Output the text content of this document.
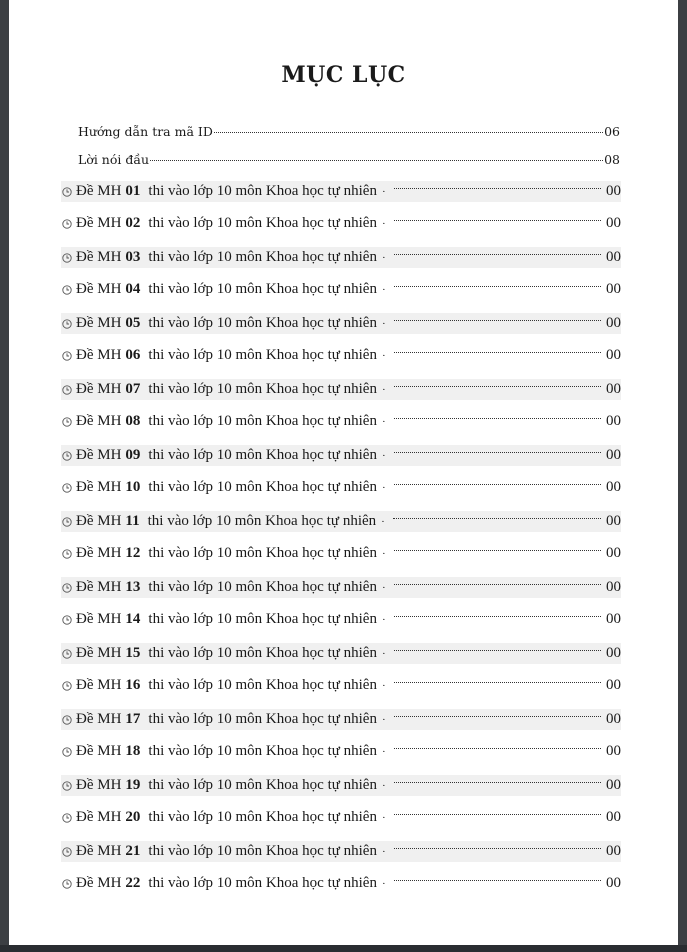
MỤC LỤC
Hướng dẫn tra mã ID	06
Lời nói đầu	08
Đề MH 01 thi vào lớp 10 môn Khoa học tự nhiên ·	00
Đề MH 02 thi vào lớp 10 môn Khoa học tự nhiên ·	00
Đề MH 03 thi vào lớp 10 môn Khoa học tự nhiên ·	00
Đề MH 04 thi vào lớp 10 môn Khoa học tự nhiên ·	00
Đề MH 05 thi vào lớp 10 môn Khoa học tự nhiên ·	00
Đề MH 06 thi vào lớp 10 môn Khoa học tự nhiên ·	00
Đề MH 07 thi vào lớp 10 môn Khoa học tự nhiên ·	00
Đề MH 08 thi vào lớp 10 môn Khoa học tự nhiên ·	00
Đề MH 09 thi vào lớp 10 môn Khoa học tự nhiên ·	00
Đề MH 10 thi vào lớp 10 môn Khoa học tự nhiên ·	00
Đề MH 11 thi vào lớp 10 môn Khoa học tự nhiên ·	00
Đề MH 12 thi vào lớp 10 môn Khoa học tự nhiên ·	00
Đề MH 13 thi vào lớp 10 môn Khoa học tự nhiên ·	00
Đề MH 14 thi vào lớp 10 môn Khoa học tự nhiên ·	00
Đề MH 15 thi vào lớp 10 môn Khoa học tự nhiên ·	00
Đề MH 16 thi vào lớp 10 môn Khoa học tự nhiên ·	00
Đề MH 17 thi vào lớp 10 môn Khoa học tự nhiên ·	00
Đề MH 18 thi vào lớp 10 môn Khoa học tự nhiên ·	00
Đề MH 19 thi vào lớp 10 môn Khoa học tự nhiên ·	00
Đề MH 20 thi vào lớp 10 môn Khoa học tự nhiên ·	00
Đề MH 21 thi vào lớp 10 môn Khoa học tự nhiên ·	00
Đề MH 22 thi vào lớp 10 môn Khoa học tự nhiên ·	00
